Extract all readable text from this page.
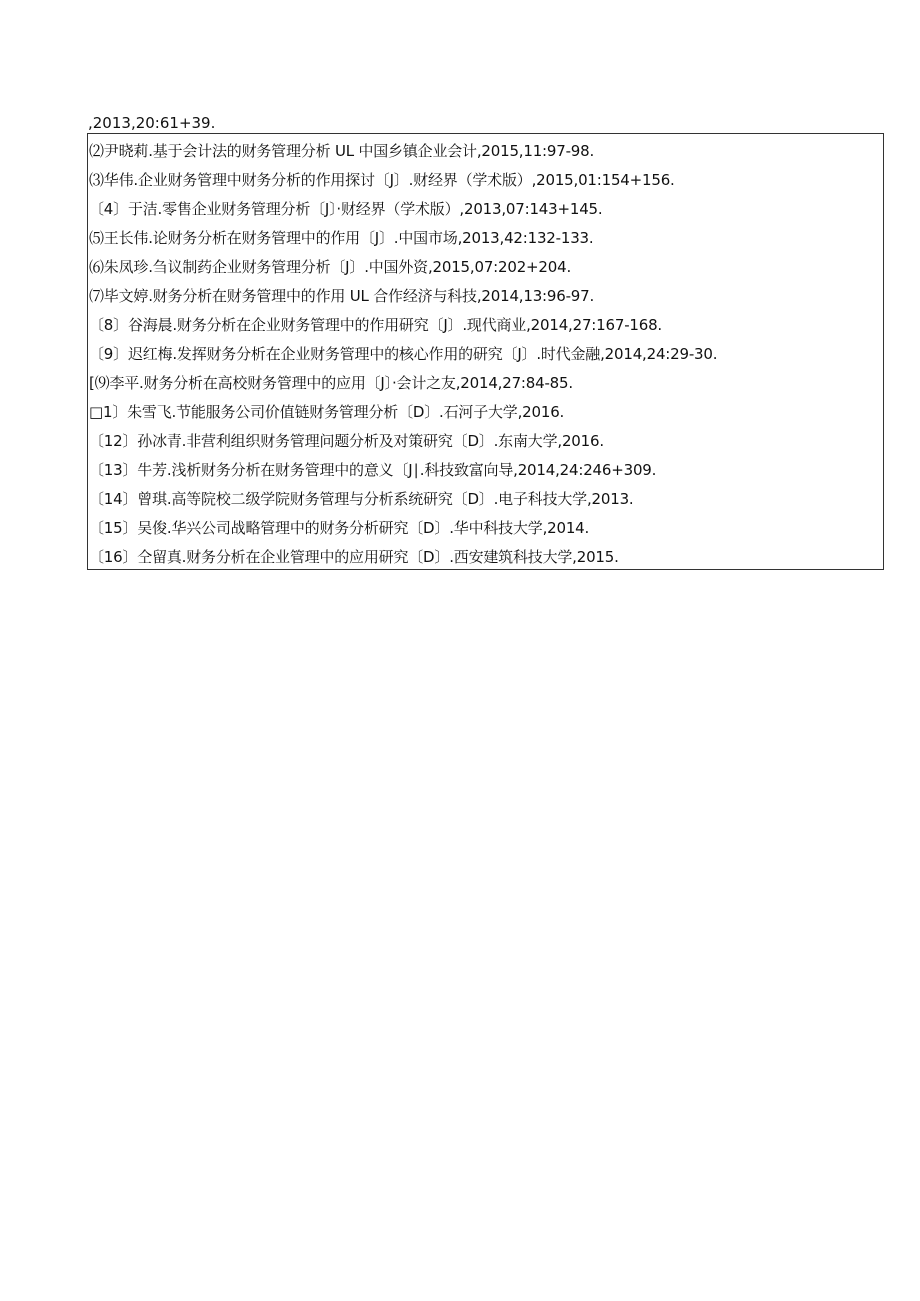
,2013,20:61+39.
⑵尹晓莉.基于会计法的财务管理分析 UL 中国乡镇企业会计,2015,11:97-98.
⑶华伟.企业财务管理中财务分析的作用探讨〔J〕.财经界（学术版）,2015,01:154+156.
〔4〕于洁.零售企业财务管理分析〔J〕·财经界（学术版）,2013,07:143+145.
⑸王长伟.论财务分析在财务管理中的作用〔J〕.中国市场,2013,42:132-133.
⑹朱凤珍.刍议制药企业财务管理分析〔J〕.中国外资,2015,07:202+204.
⑺毕文婷.财务分析在财务管理中的作用 UL 合作经济与科技,2014,13:96-97.
〔8〕谷海晨.财务分析在企业财务管理中的作用研究〔J〕.现代商业,2014,27:167-168.
〔9〕迟红梅.发挥财务分析在企业财务管理中的核心作用的研究〔J〕.时代金融,2014,24:29-30.
[⑼李平.财务分析在高校财务管理中的应用〔J〕·会计之友,2014,27:84-85.
□1〕朱雪飞.节能服务公司价值链财务管理分析〔D〕.石河子大学,2016.
〔12〕孙冰青.非营利组织财务管理问题分析及对策研究〔D〕.东南大学,2016.
〔13〕牛芳.浅析财务分析在财务管理中的意义〔J∣.科技致富向导,2014,24:246+309.
〔14〕曾琪.高等院校二级学院财务管理与分析系统研究〔D〕.电子科技大学,2013.
〔15〕吴俊.华兴公司战略管理中的财务分析研究〔D〕.华中科技大学,2014.
〔16〕仝留真.财务分析在企业管理中的应用研究〔D〕.西安建筑科技大学,2015.
